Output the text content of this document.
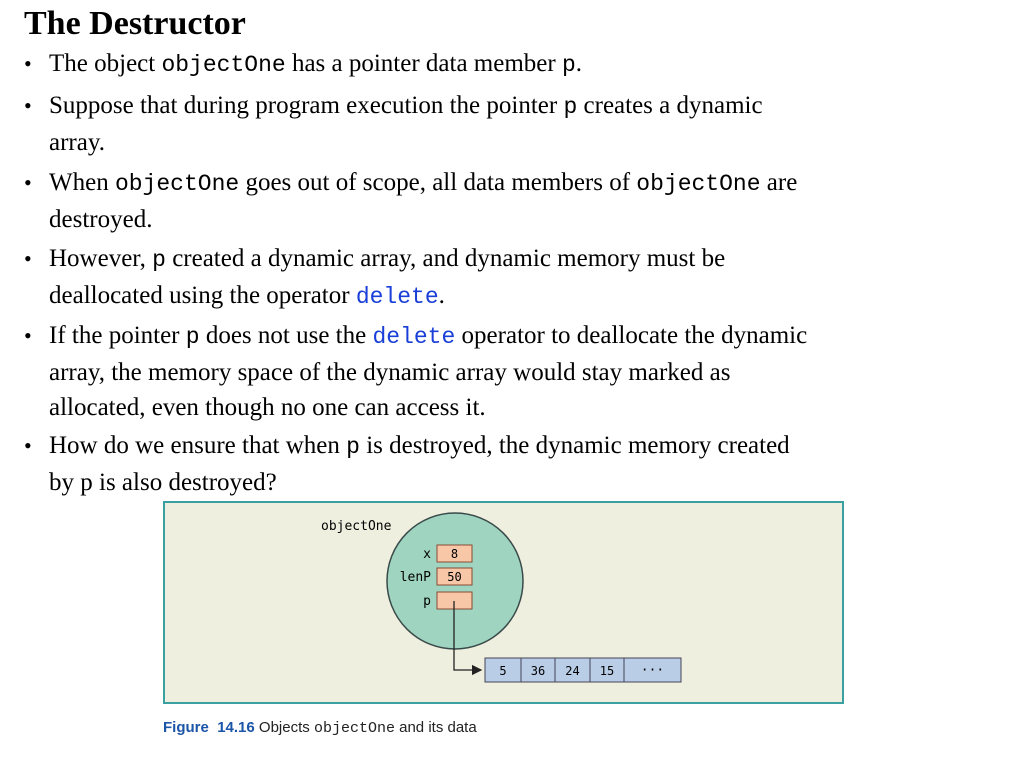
The Destructor
• The object objectOne has a pointer data member p.
• Suppose that during program execution the pointer p creates a dynamic
array.
• When objectOne goes out of scope, all data members of objectOne are
destroyed.
• However, p created a dynamic array, and dynamic memory must be
deallocated using the operator delete.
• If the pointer p does not use the delete operator to deallocate the dynamic
array, the memory space of the dynamic array would stay marked as
allocated, even though no one can access it.
• How do we ensure that when p is destroyed, the dynamic memory created
by p is also destroyed?
objectOne
x 8
lenP 50
p
5 36 24 15 ···
Figure 14.16 Objects objectOne and its data
